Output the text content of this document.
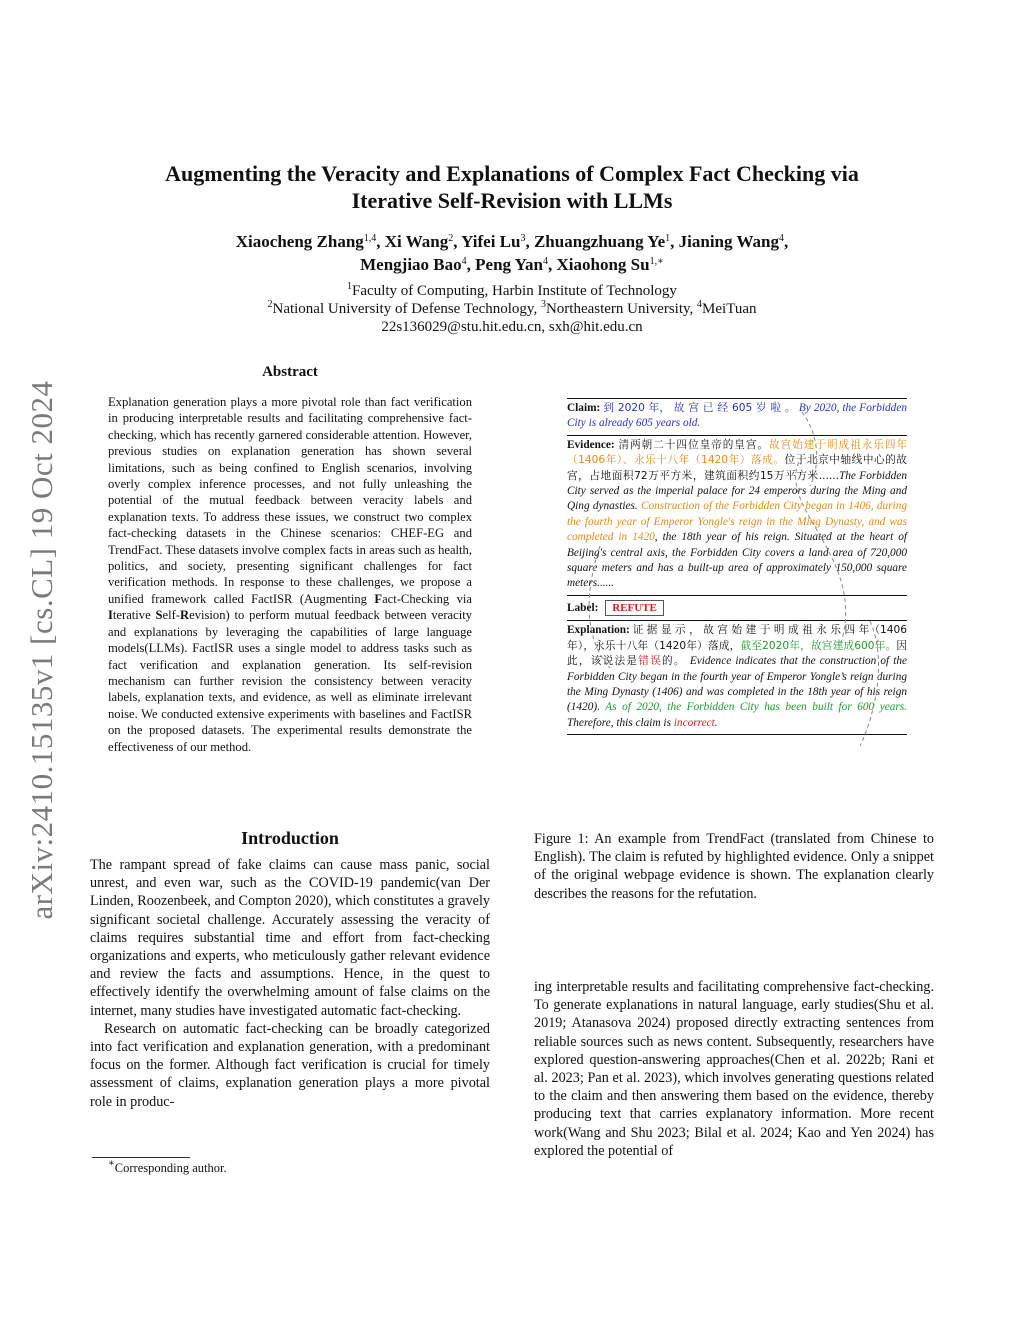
arXiv:2410.15135v1 [cs.CL] 19 Oct 2024
Augmenting the Veracity and Explanations of Complex Fact Checking via
Iterative Self-Revision with LLMs
Xiaocheng Zhang$^{1,4}$, Xi Wang$^2$, Yifei Lu$^3$, Zhuangzhuang Ye$^1$, Jianing Wang$^4$,
Mengjiao Bao$^4$, Peng Yan$^4$, Xiaohong $Su^{1,∗}$
$^1$Faculty of Computing, Harbin Institute of Technology
$^2$National University of Defense Technology, $^3$Northeastern University, $^4$MeiTuan
22s136029@stu.hit.edu.cn, sxh@hit.edu.cn
Abstract
Explanation generation plays a more pivotal role than fact verification in producing interpretable results and facilitating comprehensive fact-checking, which has recently garnered considerable attention. However, previous studies on explanation generation has shown several limitations, such as being confined to English scenarios, involving overly complex inference processes, and not fully unleashing the potential of the mutual feedback between veracity labels and explanation texts. To address these issues, we construct two complex fact-checking datasets in the Chinese scenarios: CHEF-EG and TrendFact. These datasets involve complex facts in areas such as health, politics, and society, presenting significant challenges for fact verification methods. In response to these challenges, we propose a unified framework called FactISR (Augmenting Fact-Checking via Iterative Self-Revision) to perform mutual feedback between veracity and explanations by leveraging the capabilities of large language models(LLMs). FactISR uses a single model to address tasks such as fact verification and explanation generation. Its self-revision mechanism can further revision the consistency between veracity labels, explanation texts, and evidence, as well as eliminate irrelevant noise. We conducted extensive experiments with baselines and FactISR on the proposed datasets. The experimental results demonstrate the effectiveness of our method.
Claim: 到 2020 年， 故 宫 已 经 605 岁 啦 。 By 2020, the Forbidden City is already 605 years old.
Evidence: 清两朝二十四位皇帝的皇宫。故宫始建于明成祖永乐四年（1406年）、永乐十八年（1420年）落成。位于北京中轴线中心的故宫，占地面积72万平方米，建筑面积约15万平方米......The Forbidden City served as the imperial palace for 24 emperors during the Ming and Qing dynasties. Construction of the Forbidden City began in 1406, during the fourth year of Emperor Yongle's reign in the Ming Dynasty, and was completed in 1420, the 18th year of his reign. Situated at the heart of Beijing's central axis, the Forbidden City covers a land area of 720,000 square meters and has a built-up area of approximately 150,000 square meters......
Label: REFUTE
Explanation: 证 据 显 示 ， 故 宫 始 建 于 明 成 祖 永 乐 四 年（1406年），永乐十八年（1420年）落成，截至2020年，故宫建成600年。因此，该说法是错误的。 Evidence indicates that the construction of the Forbidden City began in the fourth year of Emperor Yongle’s reign during the Ming Dynasty (1406) and was completed in the 18th year of his reign (1420). As of 2020, the Forbidden City has been built for 600 years. Therefore, this claim is incorrect.
Figure 1: An example from TrendFact (translated from Chinese to English). The claim is refuted by highlighted evidence. Only a snippet of the original webpage evidence is shown. The explanation clearly describes the reasons for the refutation.
Introduction

The rampant spread of fake claims can cause mass panic, social unrest, and even war, such as the COVID-19 pandemic(van Der Linden, Roozenbeek, and Compton 2020), which constitutes a gravely significant societal challenge. Accurately assessing the veracity of claims requires substantial time and effort from fact-checking organizations and experts, who meticulously gather relevant evidence and review the facts and assumptions. Hence, in the quest to effectively identify the overwhelming amount of false claims on the internet, many studies have investigated automatic fact-checking.

Research on automatic fact-checking can be broadly categorized into fact verification and explanation generation, with a predominant focus on the former. Although fact verification is crucial for timely assessment of claims, explanation generation plays a more pivotal role in produc-

ing interpretable results and facilitating comprehensive fact-checking. To generate explanations in natural language, early studies(Shu et al. 2019; Atanasova 2024) proposed directly extracting sentences from reliable sources such as news content. Subsequently, researchers have explored question-answering approaches(Chen et al. 2022b; Rani et al. 2023; Pan et al. 2023), which involves generating questions related to the claim and then answering them based on the evidence, thereby producing text that carries explanatory information. More recent work(Wang and Shu 2023; Bilal et al. 2024; Kao and Yen 2024) has explored the potential of
∗Corresponding author.
